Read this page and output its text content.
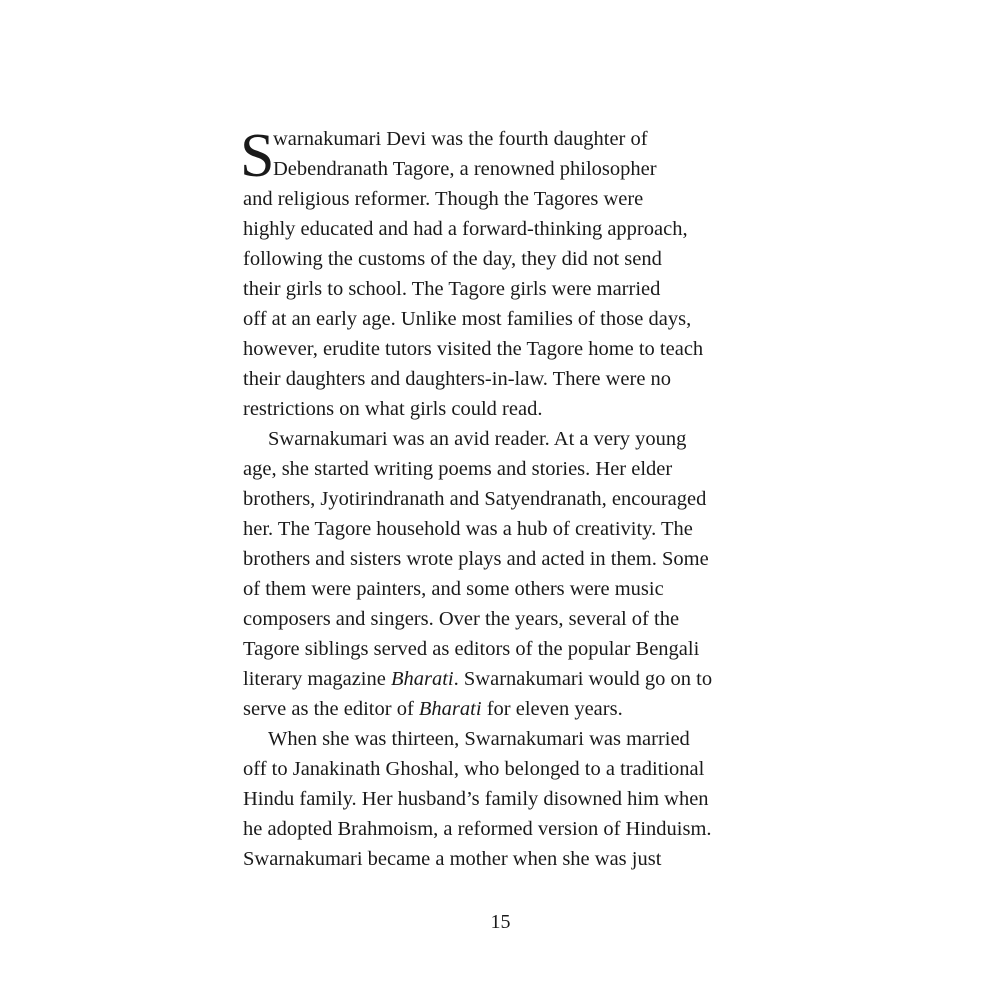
S
warnakumari Devi was the fourth daughter of
Debendranath Tagore, a renowned philosopher
and religious reformer. Though the Tagores were
highly educated and had a forward-thinking approach,
following the customs of the day, they did not send
their girls to school. The Tagore girls were married
off at an early age. Unlike most families of those days,
however, erudite tutors visited the Tagore home to teach
their daughters and daughters-in-law. There were no
restrictions on what girls could read.
Swarnakumari was an avid reader. At a very young
age, she started writing poems and stories. Her elder
brothers, Jyotirindranath and Satyendranath, encouraged
her. The Tagore household was a hub of creativity. The
brothers and sisters wrote plays and acted in them. Some
of them were painters, and some others were music
composers and singers. Over the years, several of the
Tagore siblings served as editors of the popular Bengali
literary magazine Bharati. Swarnakumari would go on to
serve as the editor of Bharati for eleven years.
When she was thirteen, Swarnakumari was married
off to Janakinath Ghoshal, who belonged to a traditional
Hindu family. Her husband’s family disowned him when
he adopted Brahmoism, a reformed version of Hinduism.
Swarnakumari became a mother when she was just
15
